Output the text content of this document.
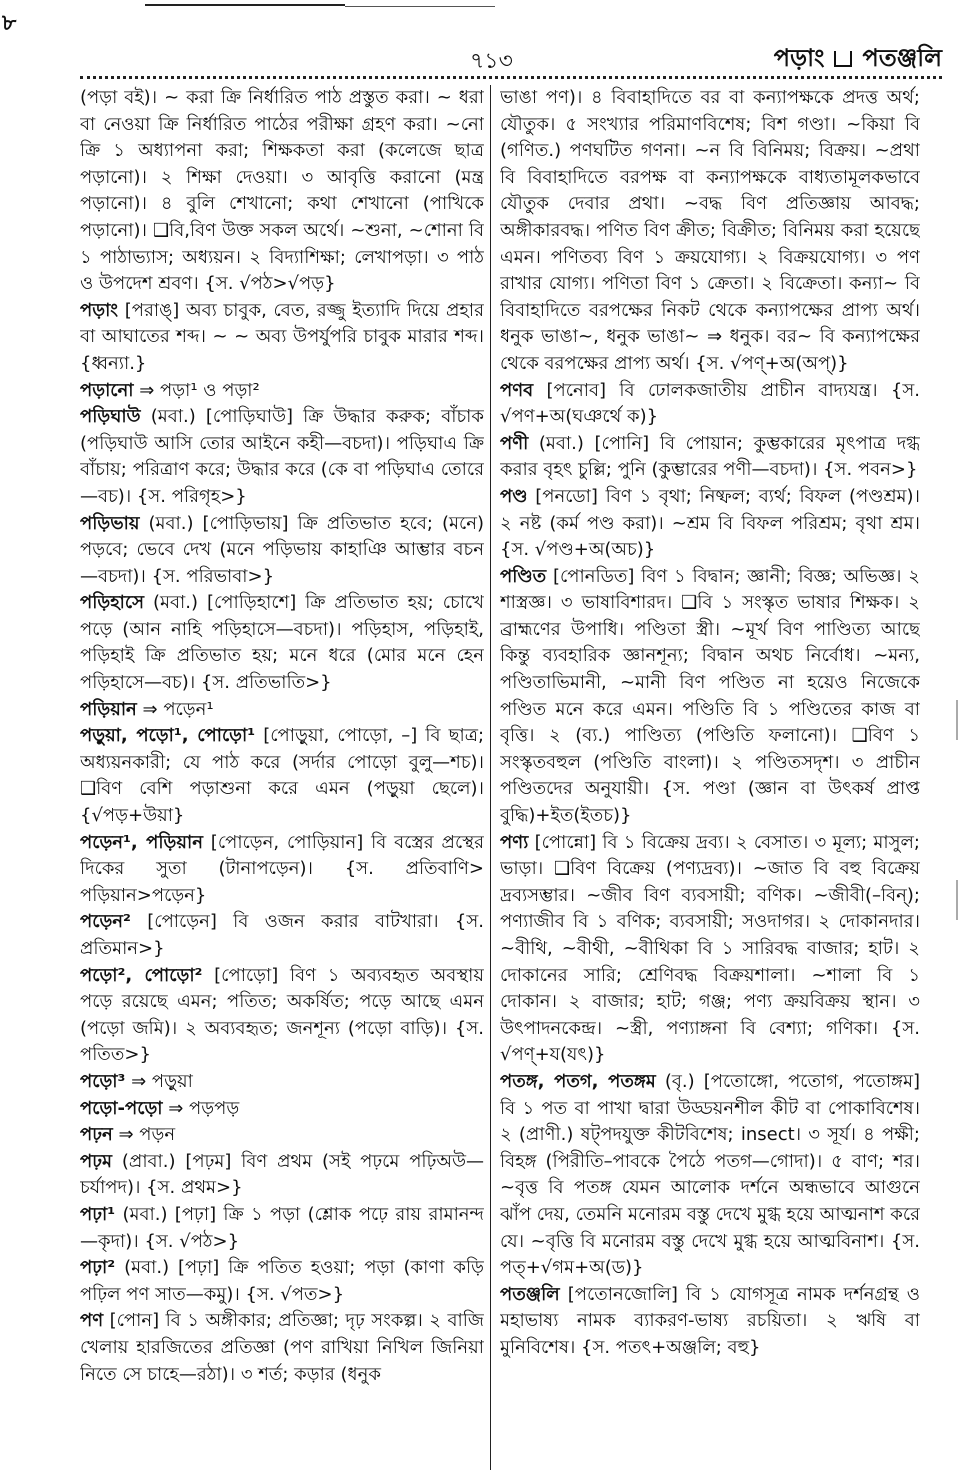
৮
৭১৩	পড়াং পতঞ্জলি

(পড়া বই)। ~ করা ক্রি নির্ধারিত পাঠ প্রস্তুত করা। ~ ধরা বা নেওয়া ক্রি নির্ধারিত পাঠের পরীক্ষা গ্রহণ করা। ~নো ক্রি ১ অধ্যাপনা করা; শিক্ষকতা করা (কলেজে ছাত্র পড়ানো)। ২ শিক্ষা দেওয়া। ৩ আবৃত্তি করানো (মন্ত্র পড়ানো)। ৪ বুলি শেখানো; কথা শেখানো (পাখিকে পড়ানো)। ❑বি,বিণ উক্ত সকল অর্থে। ~শুনা, ~শোনা বি ১ পাঠাভ্যাস; অধ্যয়ন। ২ বিদ্যাশিক্ষা; লেখাপড়া। ৩ পাঠ ও উপদেশ শ্রবণ। {স. √পঠ>√পড়}

পড়াং [পরাঙ্] অব্য চাবুক, বেত, রজ্জু ইত্যাদি দিয়ে প্রহার বা আঘাতের শব্দ। ~ ~ অব্য উপর্যুপরি চাবুক মারার শব্দ। {ধ্বন্যা.}

পড়ানো ⇒ পড়া¹ ও পড়া²

পড়িঘাউ (মবা.) [পোড়িঘাউ] ক্রি উদ্ধার করুক; বাঁচাক (পড়িঘাউ আসি তোর আইনে কহী—বচদা)। পড়িঘাএ ক্রি বাঁচায়; পরিত্রাণ করে; উদ্ধার করে (কে বা পড়িঘাএ তোরে—বচ)। {স. পরিগৃহ>}

পড়িভায় (মবা.) [পোড়িভায়] ক্রি প্রতিভাত হবে; (মনে) পড়বে; ভেবে দেখ (মনে পড়িভায় কাহাঞি আম্ভার বচন—বচদা)। {স. পরিভাবা>}

পড়িহাসে (মবা.) [পোড়িহাশে] ক্রি প্রতিভাত হয়; চোখে পড়ে (আন নাহি পড়িহাসে—বচদা)। পড়িহাস, পড়িহাই, পড়িহাই ক্রি প্রতিভাত হয়; মনে ধরে (মোর মনে হেন পড়িহাসে—বচ)। {স. প্রতিভাতি>}

পড়িয়ান ⇒ পড়েন¹

পড়ুয়া, পড়ো¹, পোড়ো¹ [পোড়ুয়া, পোড়ো, –] বি ছাত্র; অধ্যয়নকারী; যে পাঠ করে (সর্দার পোড়ো বুলু—শচ)।❑বিণ বেশি পড়াশুনা করে এমন (পড়ুয়া ছেলে)। {√পড়+উয়া}

পড়েন¹, পড়িয়ান [পোড়েন, পোড়িয়ান] বি বস্ত্রের প্রস্থের দিকের সুতা (টানাপড়েন)। {স. প্রতিবাণি> পড়িয়ান>পড়েন}

পড়েন² [পোড়েন] বি ওজন করার বাটখারা। {স. প্রতিমান>}

পড়ো², পোড়ো² [পোড়ো] বিণ ১ অব্যবহৃত অবস্থায় পড়ে রয়েছে এমন; পতিত; অকর্ষিত; পড়ে আছে এমন (পড়ো জমি)। ২ অব্যবহৃত; জনশূন্য (পড়ো বাড়ি)। {স. পতিত>}

পড়ো³ ⇒ পড়ুয়া

পড়ো-পড়ো ⇒ পড়পড়

পঢ়ন ⇒ পড়ন

পঢ়ম (প্রাবা.) [পঢ়ম] বিণ প্রথম (সই পঢ়মে পঢ়িঅউ—চর্যাপদ)। {স. প্রথম>}

পঢ়া¹ (মবা.) [পঢ়া] ক্রি ১ পড়া (শ্লোক পঢ়ে রায় রামানন্দ—কৃদা)। {স. √পঠ>}

পঢ়া² (মবা.) [পঢ়া] ক্রি পতিত হওয়া; পড়া (কাণা কড়ি পঢ়িল পণ সাত—কমু)। {স. √পত>}

পণ [পোন] বি ১ অঙ্গীকার; প্রতিজ্ঞা; দৃঢ় সংকল্প। ২ বাজি খেলায় হারজিতের প্রতিজ্ঞা (পণ রাখিয়া নিখিল জিনিয়া নিতে সে চাহে—রঠা)। ৩ শর্ত; কড়ার (ধনুক

ভাঙা পণ)। ৪ বিবাহাদিতে বর বা কন্যাপক্ষকে প্রদত্ত অর্থ; যৌতুক। ৫ সংখ্যার পরিমাণবিশেষ; বিশ গণ্ডা। ~কিয়া বি (গণিত.) পণঘটিত গণনা। ~ন বি বিনিময়; বিক্রয়। ~প্রথা বি বিবাহাদিতে বরপক্ষ বা কন্যাপক্ষকে বাধ্যতামূলকভাবে যৌতুক দেবার প্রথা। ~বদ্ধ বিণ প্রতিজ্ঞায় আবদ্ধ; অঙ্গীকারবদ্ধ। পণিত বিণ ক্রীত; বিক্রীত; বিনিময় করা হয়েছে এমন। পণিতব্য বিণ ১ ক্রয়যোগ্য। ২ বিক্রয়যোগ্য। ৩ পণ রাখার যোগ্য। পণিতা বিণ ১ ক্রেতা। ২ বিক্রেতা। কন্যা~ বি বিবাহাদিতে বরপক্ষের নিকট থেকে কন্যাপক্ষের প্রাপ্য অর্থ। ধনুক ভাঙা~, ধনুক ভাঙা~ ⇒ ধনুক। বর~ বি কন্যাপক্ষের থেকে বরপক্ষের প্রাপ্য অর্থ। {স. √পণ্+অ(অপ্)}

পণব [পনোব] বি ঢোলকজাতীয় প্রাচীন বাদ্যযন্ত্র। {স. √পণ+অ(ঘঞর্থে ক)}

পণী (মবা.) [পোনি] বি পোয়ান; কুম্ভকারের মৃৎপাত্র দগ্ধ করার বৃহৎ চুল্লি; পুনি (কুম্ভারের পণী—বচদা)। {স. পবন>}

পণ্ড [পনডো] বিণ ১ বৃথা; নিষ্ফল; ব্যর্থ; বিফল (পণ্ডশ্রম)। ২ নষ্ট (কর্ম পণ্ড করা)। ~শ্রম বি বিফল পরিশ্রম; বৃথা শ্রম। {স. √পণ্ড+অ(অচ)}

পণ্ডিত [পোনডিত] বিণ ১ বিদ্বান; জ্ঞানী; বিজ্ঞ; অভিজ্ঞ। ২ শাস্ত্রজ্ঞ। ৩ ভাষাবিশারদ। ❑বি ১ সংস্কৃত ভাষার শিক্ষক। ২ ব্রাহ্মণের উপাধি। পণ্ডিতা স্ত্রী। ~মূর্খ বিণ পাণ্ডিত্য আছে কিন্তু ব্যবহারিক জ্ঞানশূন্য; বিদ্বান অথচ নির্বোধ। ~মন্য, পণ্ডিতাভিমানী, ~মানী বিণ পণ্ডিত না হয়েও নিজেকে পণ্ডিত মনে করে এমন। পণ্ডিতি বি ১ পণ্ডিতের কাজ বা বৃত্তি। ২ (ব্য.) পাণ্ডিত্য (পণ্ডিতি ফলানো)। ❑বিণ ১ সংস্কৃতবহুল (পণ্ডিতি বাংলা)। ২ পণ্ডিতসদৃশ। ৩ প্রাচীন পণ্ডিতদের অনুযায়ী। {স. পণ্ডা (জ্ঞান বা উৎকর্ষ প্রাপ্ত বুদ্ধি)+ইত(ইতচ)}

পণ্য [পোন্নো] বি ১ বিক্রেয় দ্রব্য। ২ বেসাত। ৩ মূল্য; মাসুল; ভাড়া। ❑বিণ বিক্রেয় (পণ্যদ্রব্য)। ~জাত বি বহু বিক্রেয় দ্রব্যসম্ভার। ~জীব বিণ ব্যবসায়ী; বণিক। ~জীবী(–বিন্); পণ্যাজীব বি ১ বণিক; ব্যবসায়ী; সওদাগর। ২ দোকানদার। ~বীথি, ~বীথী, ~বীথিকা বি ১ সারিবদ্ধ বাজার; হাট। ২ দোকানের সারি; শ্রেণিবদ্ধ বিক্রয়শালা। ~শালা বি ১ দোকান। ২ বাজার; হাট; গঞ্জ; পণ্য ক্রয়বিক্রয় স্থান। ৩ উৎপাদনকেন্দ্র। ~স্ত্রী, পণ্যাঙ্গনা বি বেশ্যা; গণিকা। {স. √পণ্+য(যৎ)}

পতঙ্গ, পতগ, পতঙ্গম (বৃ.) [পতোঙ্গো, পতোগ, পতোঙ্গম] বি ১ পত বা পাখা দ্বারা উড্ডয়নশীল কীট বা পোকাবিশেষ। ২ (প্রাণী.) ষট্পদযুক্ত কীটবিশেষ; insect। ৩ সূর্য। ৪ পক্ষী; বিহঙ্গ (পিরীতি–পাবকে পৈঠে পতগ—গোদা)। ৫ বাণ; শর। ~বৃত্ত বি পতঙ্গ যেমন আলোক দর্শনে অন্ধভাবে আগুনে ঝাঁপ দেয়, তেমনি মনোরম বস্তু দেখে মুগ্ধ হয়ে আত্মনাশ করে যে। ~বৃত্তি বি মনোরম বস্তু দেখে মুগ্ধ হয়ে আত্মবিনাশ। {স. পত্+√গম+অ(ড)}

পতঞ্জলি [পতোনজোলি] বি ১ যোগসূত্র নামক দর্শনগ্রন্থ ও মহাভাষ্য নামক ব্যাকরণ-ভাষ্য রচয়িতা। ২ ঋষি বা মুনিবিশেষ। {স. পতৎ+অঞ্জলি; বহু}
